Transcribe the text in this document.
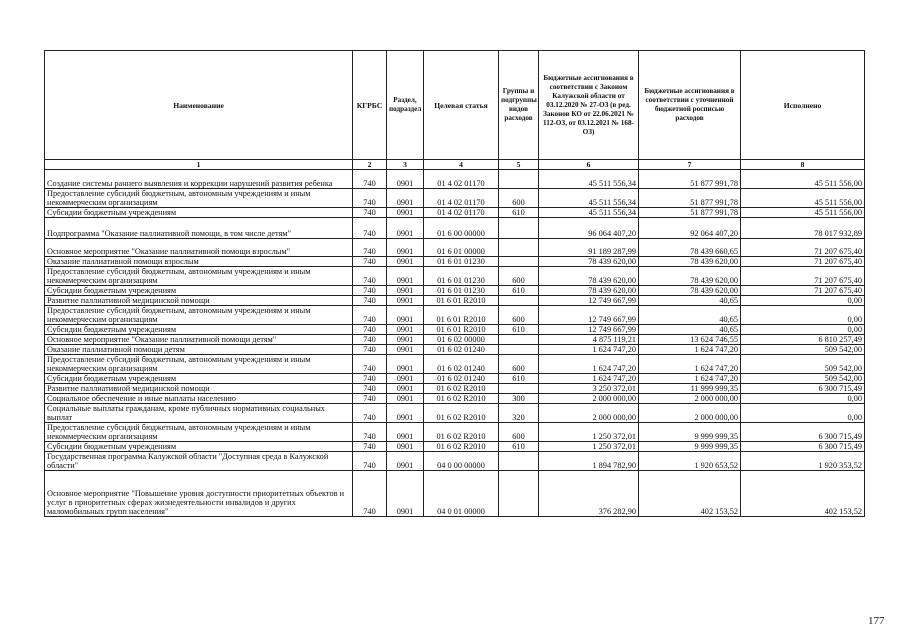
Наименование	КГРБС	Раздел, подраздел	Целевая статья	Группы и подгруппы видов расходов	Бюджетные ассигнования в соответствии с Законом Калужской области от 03.12.2020 № 27-ОЗ (в ред. Законов КО от 22.06.2021 № 112-ОЗ, от 03.12.2021 № 168-ОЗ)	Бюджетные ассигнования в соответствии с уточненной бюджетной росписью расходов	Исполнено
1	2	3	4	5	6	7	8
Создание системы раннего выявления и коррекции нарушений развития ребенка	740	0901	01 4 02 01170		45 511 556,34	51 877 991,78	45 511 556,00
Предоставление субсидий бюджетным, автономным учреждениям и иным некоммерческим организациям	740	0901	01 4 02 01170	600	45 511 556,34	51 877 991,78	45 511 556,00
Субсидии бюджетным учреждениям	740	0901	01 4 02 01170	610	45 511 556,34	51 877 991,78	45 511 556,00
Подпрограмма "Оказание паллиативной помощи, в том числе детям"	740	0901	01 6 00 00000		96 064 407,20	92 064 407,20	78 017 932,89
Основное мероприятие "Оказание паллиативной помощи взрослым"	740	0901	01 6 01 00000		91 189 287,99	78 439 660,65	71 207 675,40
Оказание паллиативной помощи взрослым	740	0901	01 6 01 01230		78 439 620,00	78 439 620,00	71 207 675,40
Предоставление субсидий бюджетным, автономным учреждениям и иным некоммерческим организациям	740	0901	01 6 01 01230	600	78 439 620,00	78 439 620,00	71 207 675,40
Субсидии бюджетным учреждениям	740	0901	01 6 01 01230	610	78 439 620,00	78 439 620,00	71 207 675,40
Развитие паллиативной медицинской помощи	740	0901	01 6 01 R2010		12 749 667,99	40,65	0,00
Предоставление субсидий бюджетным, автономным учреждениям и иным некоммерческим организациям	740	0901	01 6 01 R2010	600	12 749 667,99	40,65	0,00
Субсидии бюджетным учреждениям	740	0901	01 6 01 R2010	610	12 749 667,99	40,65	0,00
Основное мероприятие "Оказание паллиативной помощи детям"	740	0901	01 6 02 00000		4 875 119,21	13 624 746,55	6 810 257,49
Оказание паллиативной помощи детям	740	0901	01 6 02 01240		1 624 747,20	1 624 747,20	509 542,00
Предоставление субсидий бюджетным, автономным учреждениям и иным некоммерческим организациям	740	0901	01 6 02 01240	600	1 624 747,20	1 624 747,20	509 542,00
Субсидии бюджетным учреждениям	740	0901	01 6 02 01240	610	1 624 747,20	1 624 747,20	509 542,00
Развитие паллиативной медицинской помощи	740	0901	01 6 02 R2010		3 250 372,01	11 999 999,35	6 300 715,49
Социальное обеспечение и иные выплаты населению	740	0901	01 6 02 R2010	300	2 000 000,00	2 000 000,00	0,00
Социальные выплаты гражданам, кроме публичных нормативных социальных выплат	740	0901	01 6 02 R2010	320	2 000 000,00	2 000 000,00	0,00
Предоставление субсидий бюджетным, автономным учреждениям и иным некоммерческим организациям	740	0901	01 6 02 R2010	600	1 250 372,01	9 999 999,35	6 300 715,49
Субсидии бюджетным учреждениям	740	0901	01 6 02 R2010	610	1 250 372,01	9 999 999,35	6 300 715,49
Государственная программа Калужской области "Доступная среда в Калужской области"	740	0901	04 0 00 00000		1 894 782,90	1 920 653,52	1 920 353,52
Основное мероприятие "Повышение уровня доступности приоритетных объектов и услуг в приоритетных сферах жизнедеятельности инвалидов и других маломобильных групп населения"	740	0901	04 0 01 00000		376 282,90	402 153,52	402 153,52
177
